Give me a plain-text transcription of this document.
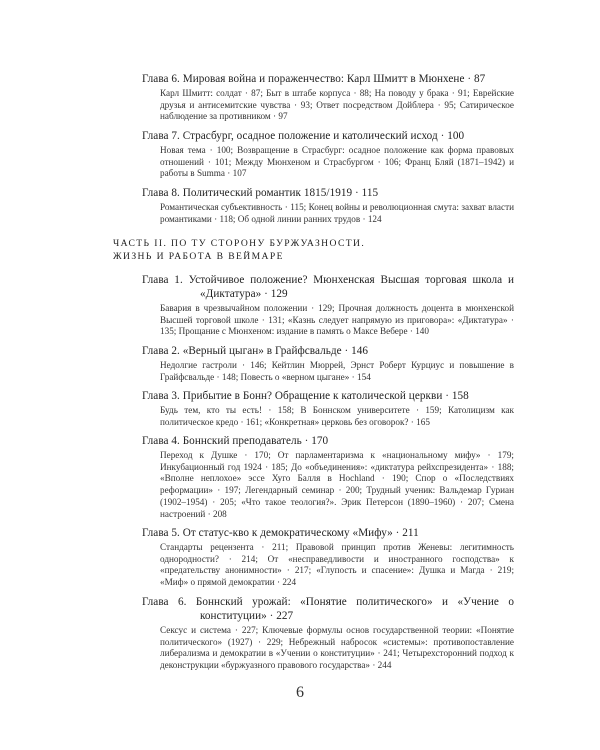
Глава 6. Мировая война и пораженчество: Карл Шмитт в Мюнхене · 87
Карл Шмитт: солдат · 87; Быт в штабе корпуса · 88; На поводу у брака · 91; Еврейские друзья и антисемитские чувства · 93; Ответ посредством Дойблера · 95; Сатирическое наблюдение за противником · 97
Глава 7. Страсбург, осадное положение и католический исход · 100
Новая тема · 100; Возвращение в Страсбург: осадное положение как форма правовых отношений · 101; Между Мюнхеном и Страсбургом · 106; Франц Бляй (1871–1942) и работы в Summa · 107
Глава 8. Политический романтик 1815/1919 · 115
Романтическая субъективность · 115; Конец войны и революционная смута: захват власти романтиками · 118; Об одной линии ранних трудов · 124
ЧАСТЬ II. ПО ТУ СТОРОНУ БУРЖУАЗНОСТИ.
ЖИЗНЬ И РАБОТА В ВЕЙМАРЕ
Глава 1. Устойчивое положение? Мюнхенская Высшая торговая школа и «Диктатура» · 129
Бавария в чрезвычайном положении · 129; Прочная должность доцента в мюнхенской Высшей торговой школе · 131; «Казнь следует напрямую из приговора»: «Диктатура» · 135; Прощание с Мюнхеном: издание в память о Максе Вебере · 140
Глава 2. «Верный цыган» в Грайфсвальде · 146
Недолгие гастроли · 146; Кейтлин Мюррей, Эрнст Роберт Курциус и повышение в Грайфсвальде · 148; Повесть о «верном цыгане» · 154
Глава 3. Прибытие в Бонн? Обращение к католической церкви · 158
Будь тем, кто ты есть! · 158; В Боннском университете · 159; Католицизм как политическое кредо · 161; «Конкретная» церковь без оговорок? · 165
Глава 4. Боннский преподаватель · 170
Переход к Душке · 170; От парламентаризма к «национальному мифу» · 179; Инкубационный год 1924 · 185; До «объединения»: «диктатура рейхспрезидента» · 188; «Вполне неплохое» эссе Хуго Балля в Hochland · 190; Спор о «Последствиях реформации» · 197; Легендарный семинар · 200; Трудный ученик: Вальдемар Гуриан (1902–1954) · 205; «Что такое теология?». Эрик Петерсон (1890–1960) · 207; Смена настроений · 208
Глава 5. От статус-кво к демократическому «Мифу» · 211
Стандарты рецензента · 211; Правовой принцип против Женевы: легитимность однородности? · 214; От «несправедливости и иностранного господства» к «предательству анонимности» · 217; «Глупость и спасение»: Душка и Магда · 219; «Миф» о прямой демократии · 224
Глава 6. Боннский урожай: «Понятие политического» и «Учение о конституции» · 227
Сексус и система · 227; Ключевые формулы основ государственной теории: «Понятие политического» (1927) · 229; Небрежный набросок «системы»: противопоставление либерализма и демократии в «Учении о конституции» · 241; Четырехсторонний подход к деконструкции «буржуазного правового государства» · 244
6
